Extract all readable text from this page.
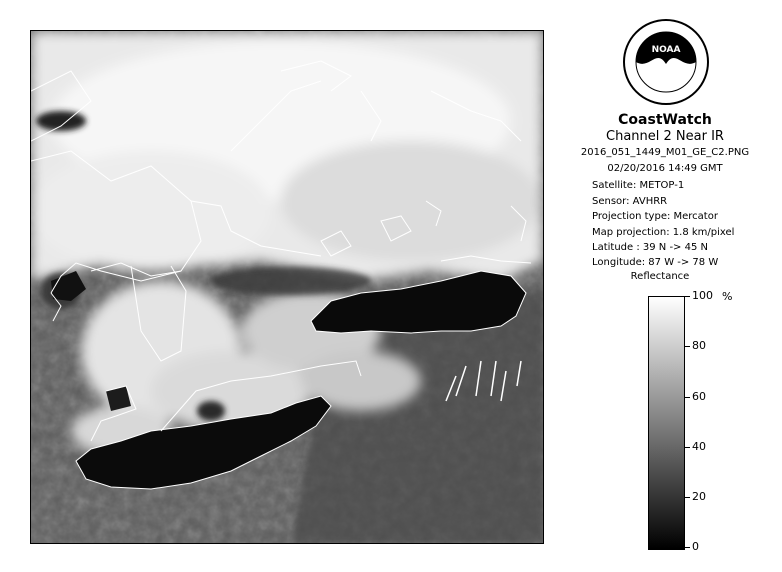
NOAA
CoastWatch
Channel 2 Near IR
2016_051_1449_M01_GE_C2.PNG
02/20/2016 14:49 GMT
Satellite: METOP-1
Sensor: AVHRR
Projection type: Mercator
Map projection: 1.8 km/pixel
Latitude : 39 N -> 45 N
Longitude: 87 W -> 78 W
Reflectance
%
100
80
60
40
20
0
